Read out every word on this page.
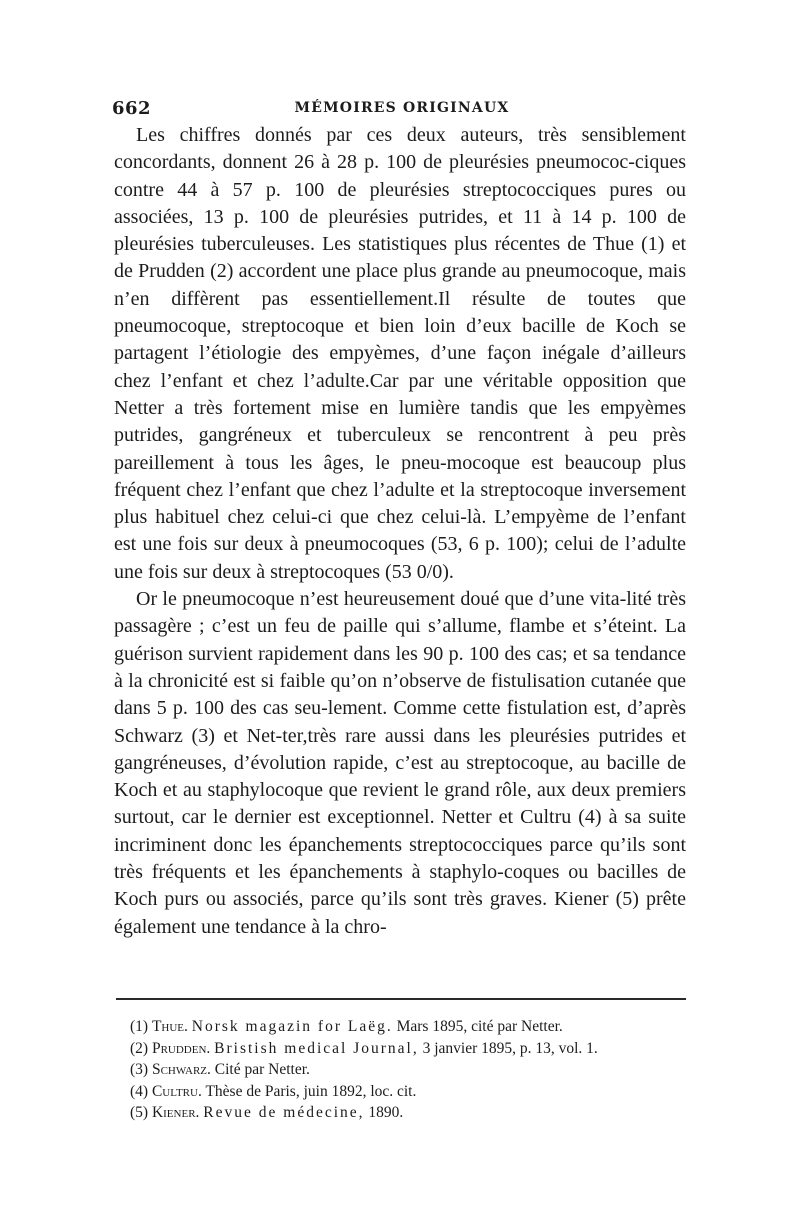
662	MÉMOIRES ORIGINAUX

Les chiffres donnés par ces deux auteurs, très sensiblement concordants, donnent 26 à 28 p. 100 de pleurésies pneumococ-ciques contre 44 à 57 p. 100 de pleurésies streptococciques pures ou associées, 13 p. 100 de pleurésies putrides, et 11 à 14 p. 100 de pleurésies tuberculeuses. Les statistiques plus récentes de Thue (1) et de Prudden (2) accordent une place plus grande au pneumocoque, mais n’en diffèrent pas essentiellement.Il résulte de toutes que pneumocoque, streptocoque et bien loin d’eux bacille de Koch se partagent l’étiologie des empyèmes, d’une façon inégale d’ailleurs chez l’enfant et chez l’adulte.Car par une véritable opposition que Netter a très fortement mise en lumière tandis que les empyèmes putrides, gangréneux et tuberculeux se rencontrent à peu près pareillement à tous les âges, le pneu-mocoque est beaucoup plus fréquent chez l’enfant que chez l’adulte et la streptocoque inversement plus habituel chez celui-ci que chez celui-là. L’empyème de l’enfant est une fois sur deux à pneumocoques (53, 6 p. 100); celui de l’adulte une fois sur deux à streptocoques (53 0/0).

Or le pneumocoque n’est heureusement doué que d’une vita-lité très passagère ; c’est un feu de paille qui s’allume, flambe et s’éteint. La guérison survient rapidement dans les 90 p. 100 des cas; et sa tendance à la chronicité est si faible qu’on n’observe de fistulisation cutanée que dans 5 p. 100 des cas seu-lement. Comme cette fistulation est, d’après Schwarz (3) et Net-ter,très rare aussi dans les pleurésies putrides et gangréneuses, d’évolution rapide, c’est au streptocoque, au bacille de Koch et au staphylocoque que revient le grand rôle, aux deux premiers surtout, car le dernier est exceptionnel. Netter et Cultru (4) à sa suite incriminent donc les épanchements streptococciques parce qu’ils sont très fréquents et les épanchements à staphylo-coques ou bacilles de Koch purs ou associés, parce qu’ils sont très graves. Kiener (5) prête également une tendance à la chro-

(1) Thue. Norsk magazin for Laëg. Mars 1895, cité par Netter.
(2) Prudden. Bristish medical Journal, 3 janvier 1895, p. 13, vol. 1.
(3) Schwarz. Cité par Netter.
(4) Cultru. Thèse de Paris, juin 1892, loc. cit.
(5) Kiener. Revue de médecine, 1890.
